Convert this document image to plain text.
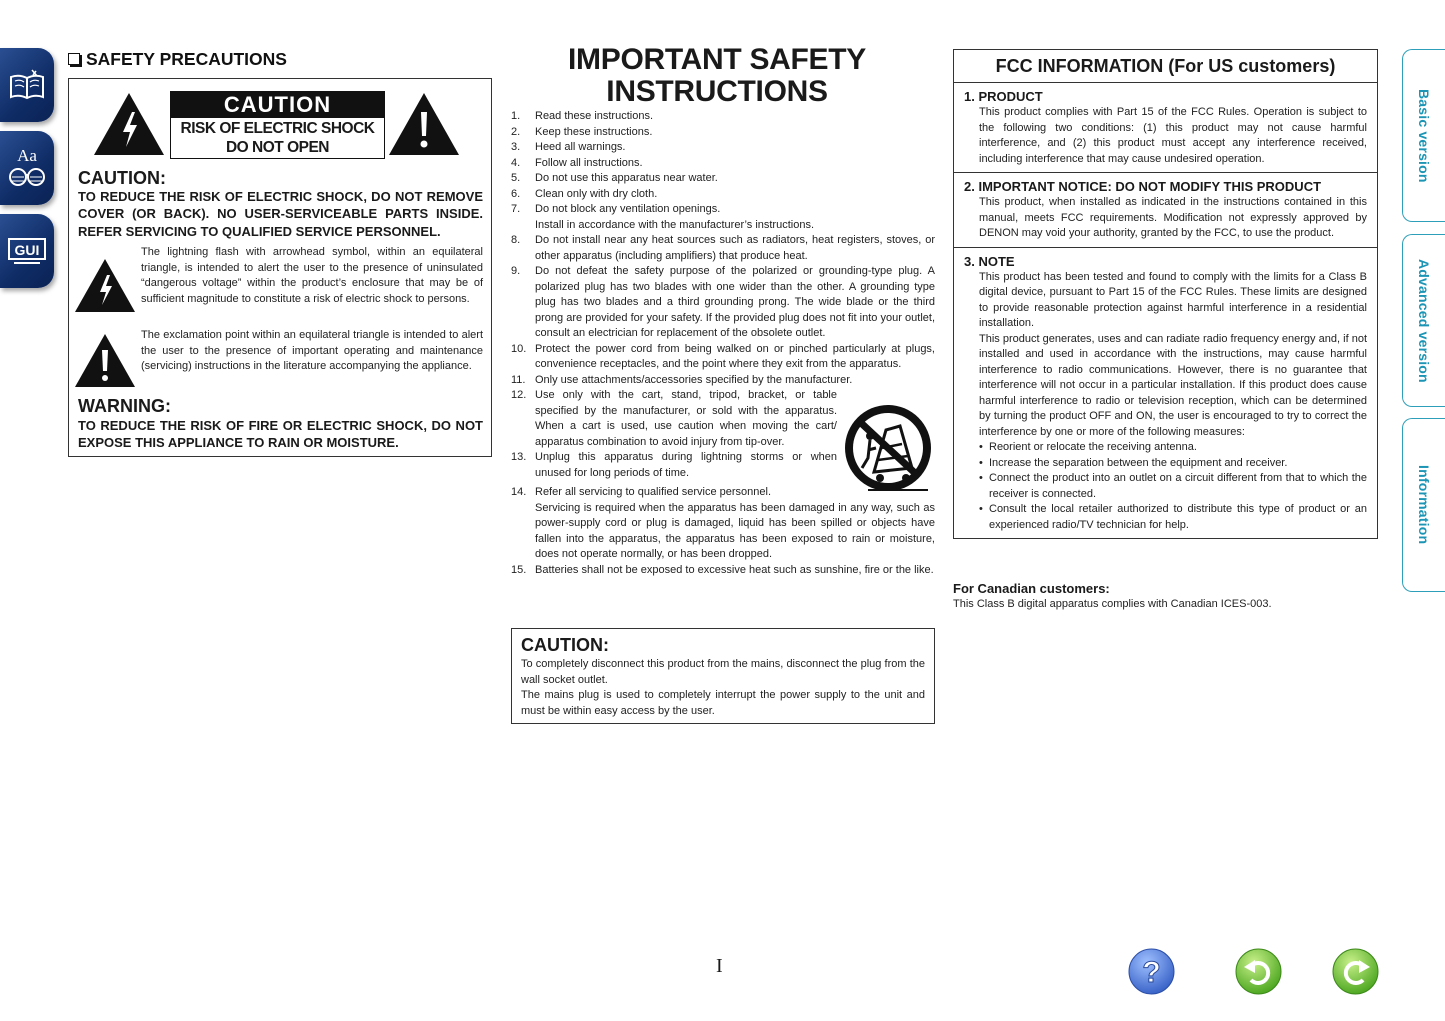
Aa
GUI
Basic version
Advanced version
Information
SAFETY PRECAUTIONS
CAUTION
RISK OF ELECTRIC SHOCK
DO NOT OPEN
CAUTION:
TO REDUCE THE RISK OF ELECTRIC SHOCK, DO NOT REMOVE COVER (OR BACK). NO USER-SERVICEABLE PARTS INSIDE. REFER SERVICING TO QUALIFIED SERVICE PERSONNEL.
The lightning flash with arrowhead symbol, within an equilateral triangle, is intended to alert the user to the presence of uninsulated “dangerous voltage” within the product’s enclosure that may be of sufficient magnitude to constitute a risk of electric shock to persons.
The exclamation point within an equilateral triangle is intended to alert the user to the presence of important operating and maintenance (servicing) instructions in the literature accompanying the appliance.
WARNING:
TO REDUCE THE RISK OF FIRE OR ELECTRIC SHOCK, DO NOT EXPOSE THIS APPLIANCE TO RAIN OR MOISTURE.
IMPORTANT SAFETY
INSTRUCTIONS
1.	Read these instructions.
2.	Keep these instructions.
3.	Heed all warnings.
4.	Follow all instructions.
5.	Do not use this apparatus near water.
6.	Clean only with dry cloth.
7.	Do not block any ventilation openings.
Install in accordance with the manufacturer’s instructions.
8.	Do not install near any heat sources such as radiators, heat registers, stoves, or other apparatus (including amplifiers) that produce heat.
9.	Do not defeat the safety purpose of the polarized or grounding-type plug. A polarized plug has two blades with one wider than the other. A grounding type plug has two blades and a third grounding prong. The wide blade or the third prong are provided for your safety. If the provided plug does not fit into your outlet, consult an electrician for replacement of the obsolete outlet.
10. Protect the power cord from being walked on or pinched particularly at plugs, convenience receptacles, and the point where they exit from the apparatus.
11. Only use attachments/accessories specified by the manufacturer.
12. Use only with the cart, stand, tripod, bracket, or table specified by the manufacturer, or sold with the apparatus. When a cart is used, use caution when moving the cart/ apparatus combination to avoid injury from tip-over.
13. Unplug this apparatus during lightning storms or when unused for long periods of time.
14. Refer all servicing to qualified service personnel.
Servicing is required when the apparatus has been damaged in any way, such as power-supply cord or plug is damaged, liquid has been spilled or objects have fallen into the apparatus, the apparatus has been exposed to rain or moisture, does not operate normally, or has been dropped.
15. Batteries shall not be exposed to excessive heat such as sunshine, fire or the like.
CAUTION:

To completely disconnect this product from the mains, disconnect the plug from the wall socket outlet.

The mains plug is used to completely interrupt the power supply to the unit and must be within easy access by the user.

FCC INFORMATION (For US customers)
1. PRODUCT

This product complies with Part 15 of the FCC Rules. Operation is subject to the following two conditions: (1) this product may not cause harmful interference, and (2) this product must accept any interference received, including interference that may cause undesired operation.

2. IMPORTANT NOTICE: DO NOT MODIFY THIS PRODUCT

This product, when installed as indicated in the instructions contained in this manual, meets FCC requirements. Modification not expressly approved by DENON may void your authority, granted by the FCC, to use the product.

3. NOTE

This product has been tested and found to comply with the limits for a Class B digital device, pursuant to Part 15 of the FCC Rules. These limits are designed to provide reasonable protection against harmful interference in a residential installation.

This product generates, uses and can radiate radio frequency energy and, if not installed and used in accordance with the instructions, may cause harmful interference to radio communications. However, there is no guarantee that interference will not occur in a particular installation. If this product does cause harmful interference to radio or television reception, which can be determined by turning the product OFF and ON, the user is encouraged to try to correct the interference by one or more of the following measures:

• Reorient or relocate the receiving antenna.
• Increase the separation between the equipment and receiver.
• Connect the product into an outlet on a circuit different from that to which the receiver is connected.
• Consult the local retailer authorized to distribute this type of product or an experienced radio/TV technician for help.
For Canadian customers:
This Class B digital apparatus complies with Canadian ICES-003.
I	?
